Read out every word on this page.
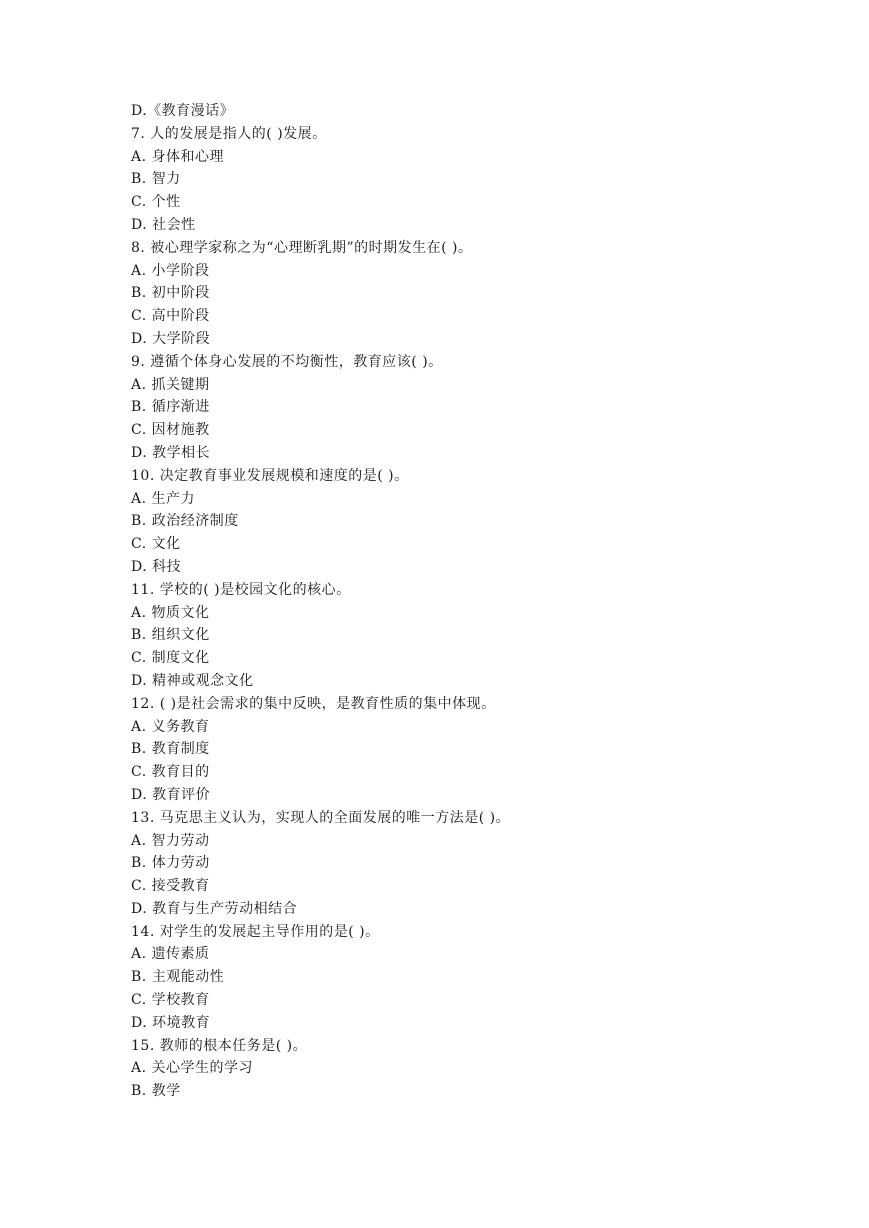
D.《教育漫话》
7. 人的发展是指人的( )发展。
A. 身体和心理
B. 智力
C. 个性
D. 社会性
8. 被心理学家称之为“心理断乳期”的时期发生在( )。
A. 小学阶段
B. 初中阶段
C. 高中阶段
D. 大学阶段
9. 遵循个体身心发展的不均衡性，教育应该( )。
A. 抓关键期
B. 循序渐进
C. 因材施教
D. 教学相长
10. 决定教育事业发展规模和速度的是( )。
A. 生产力
B. 政治经济制度
C. 文化
D. 科技
11. 学校的( )是校园文化的核心。
A. 物质文化
B. 组织文化
C. 制度文化
D. 精神或观念文化
12. ( )是社会需求的集中反映，是教育性质的集中体现。
A. 义务教育
B. 教育制度
C. 教育目的
D. 教育评价
13. 马克思主义认为，实现人的全面发展的唯一方法是( )。
A. 智力劳动
B. 体力劳动
C. 接受教育
D. 教育与生产劳动相结合
14. 对学生的发展起主导作用的是( )。
A. 遗传素质
B. 主观能动性
C. 学校教育
D. 环境教育
15. 教师的根本任务是( )。
A. 关心学生的学习
B. 教学
